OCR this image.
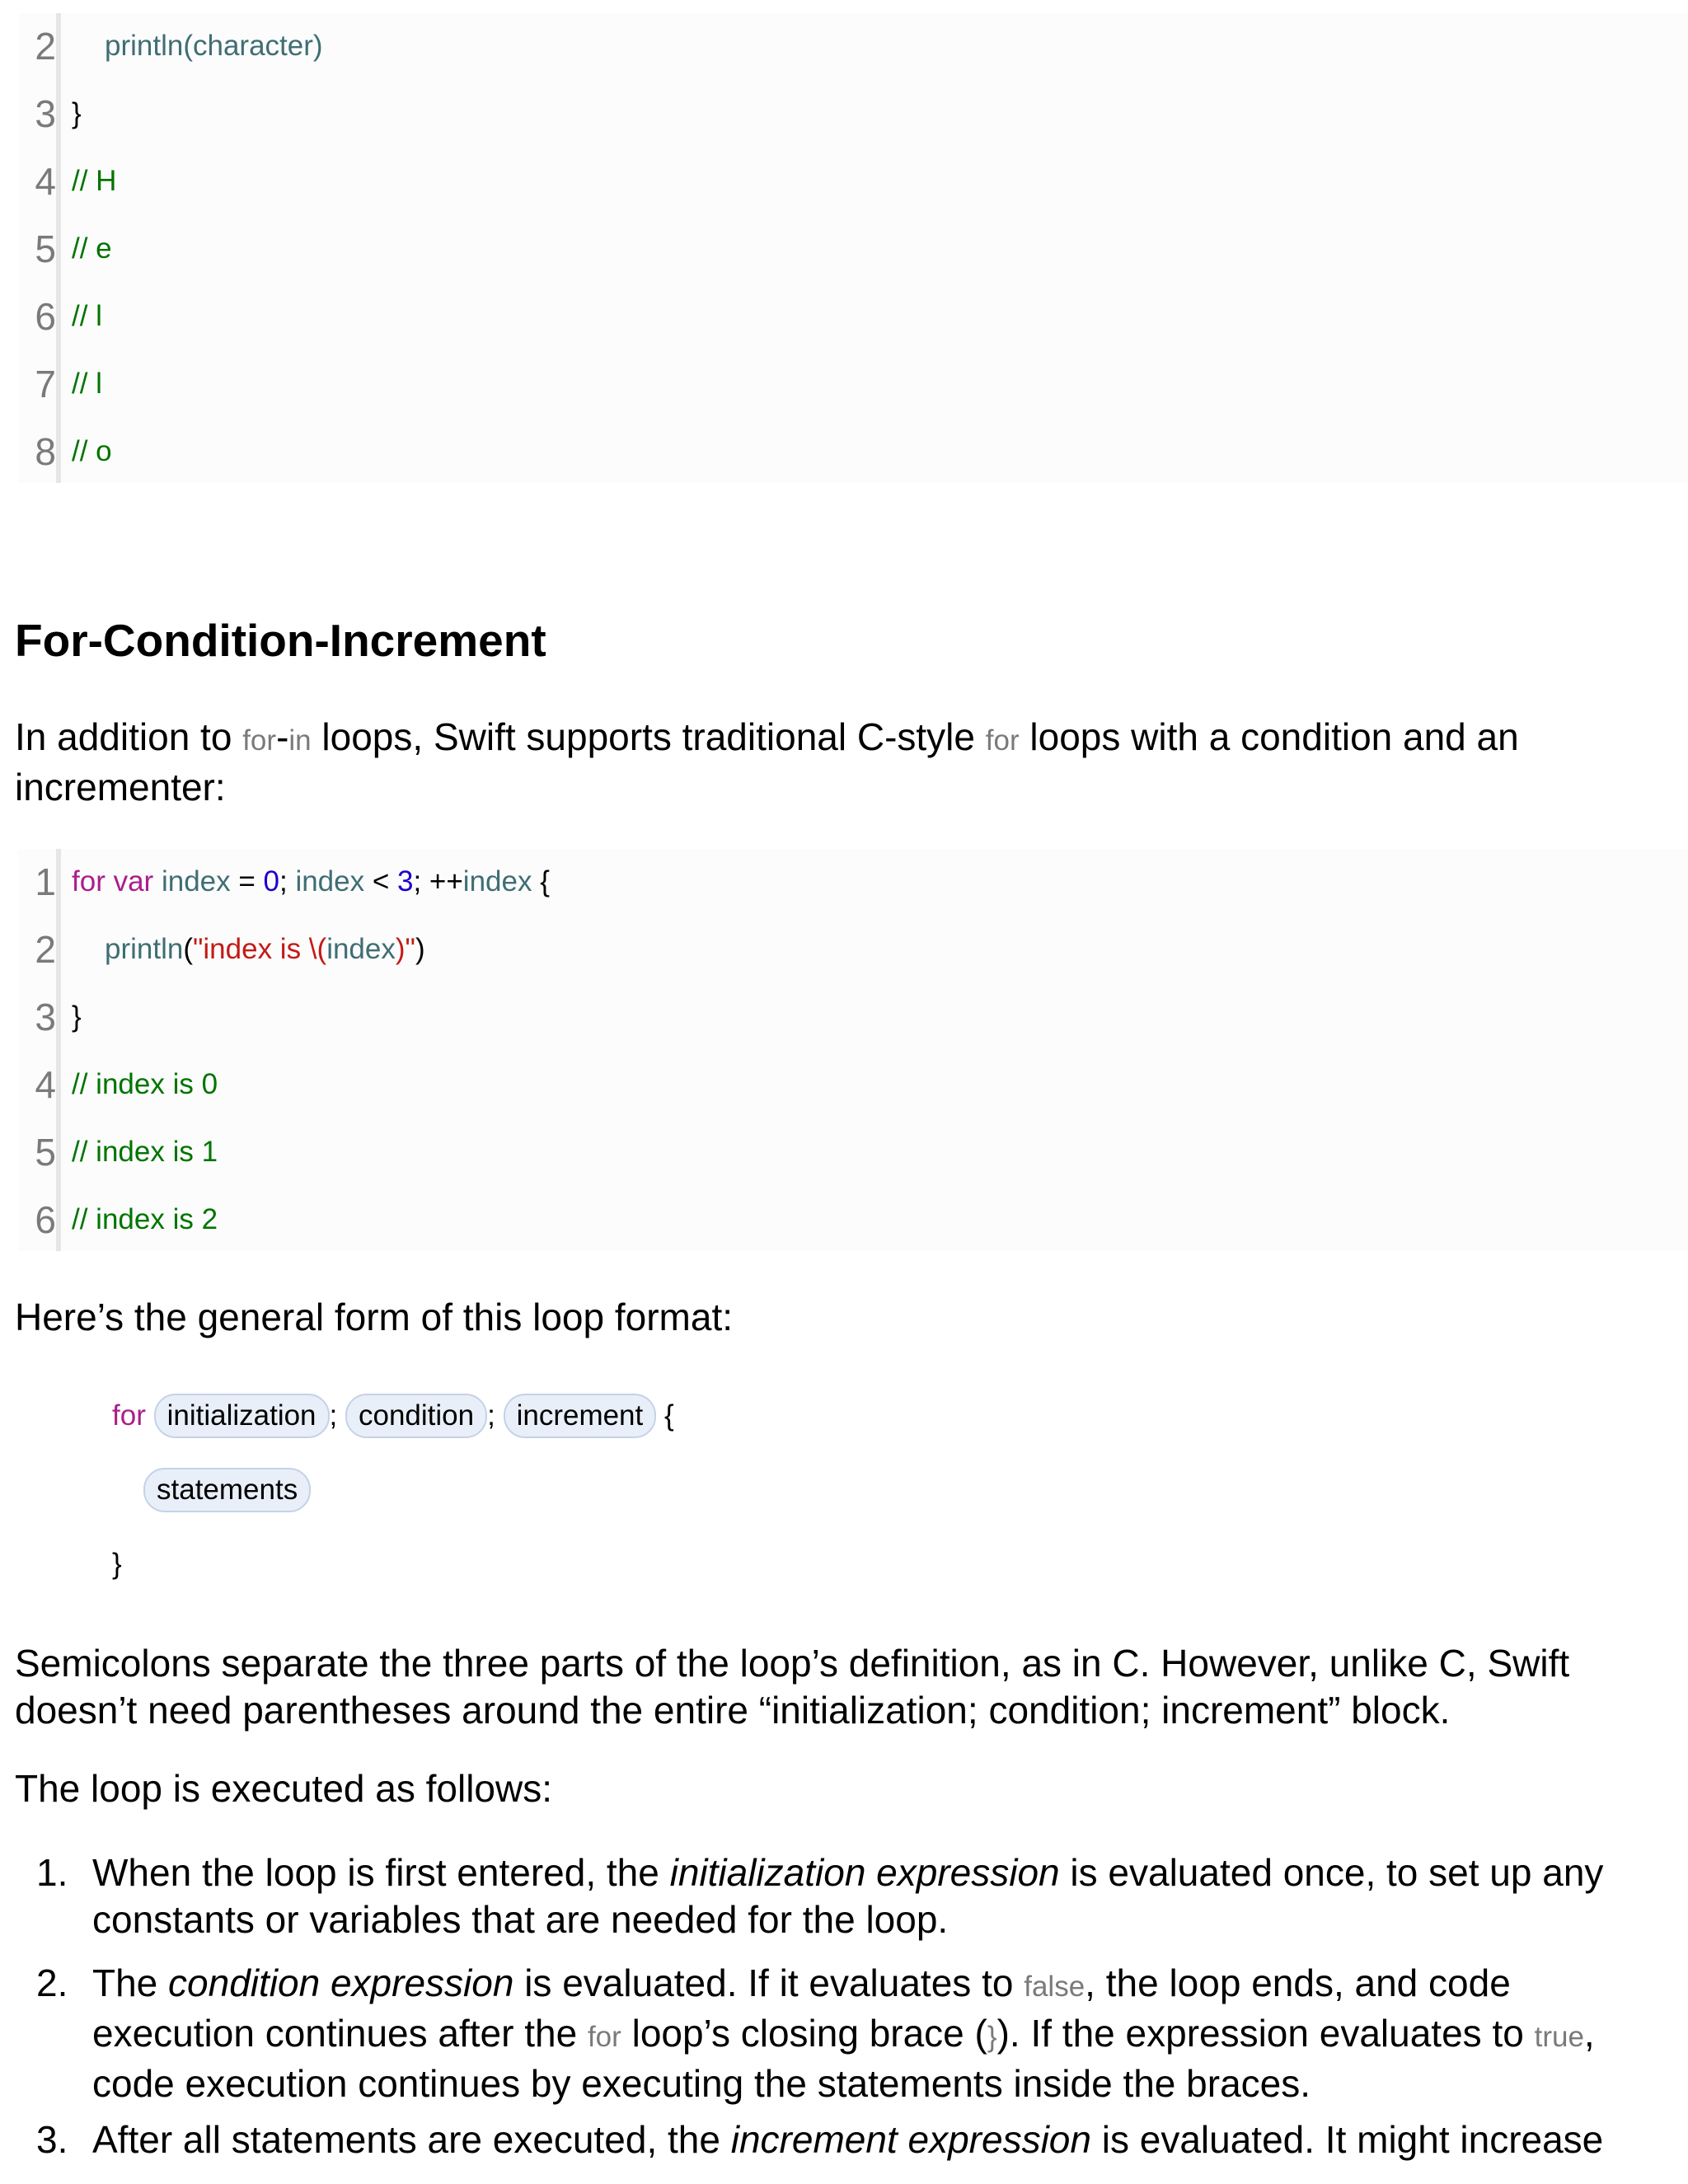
2 println(character)
3 }
4 // H
5 // e
6 // l
7 // l
8 // o
For-Condition-Increment
In addition to for-in loops, Swift supports traditional C-style for loops with a condition and an incrementer:
1 for var index = 0; index < 3; ++index {
2 println("index is \(index)")
3 }
4 // index is 0
5 // index is 1
6 // index is 2
Here’s the general form of this loop format:
for initialization ; condition ; increment {
statements
}
Semicolons separate the three parts of the loop’s definition, as in C. However, unlike C, Swift doesn’t need parentheses around the entire “initialization; condition; increment” block.
The loop is executed as follows:
1. When the loop is first entered, the initialization expression is evaluated once, to set up any constants or variables that are needed for the loop.
2. The condition expression is evaluated. If it evaluates to false, the loop ends, and code execution continues after the for loop’s closing brace (}). If the expression evaluates to true, code execution continues by executing the statements inside the braces.
3. After all statements are executed, the increment expression is evaluated. It might increase
